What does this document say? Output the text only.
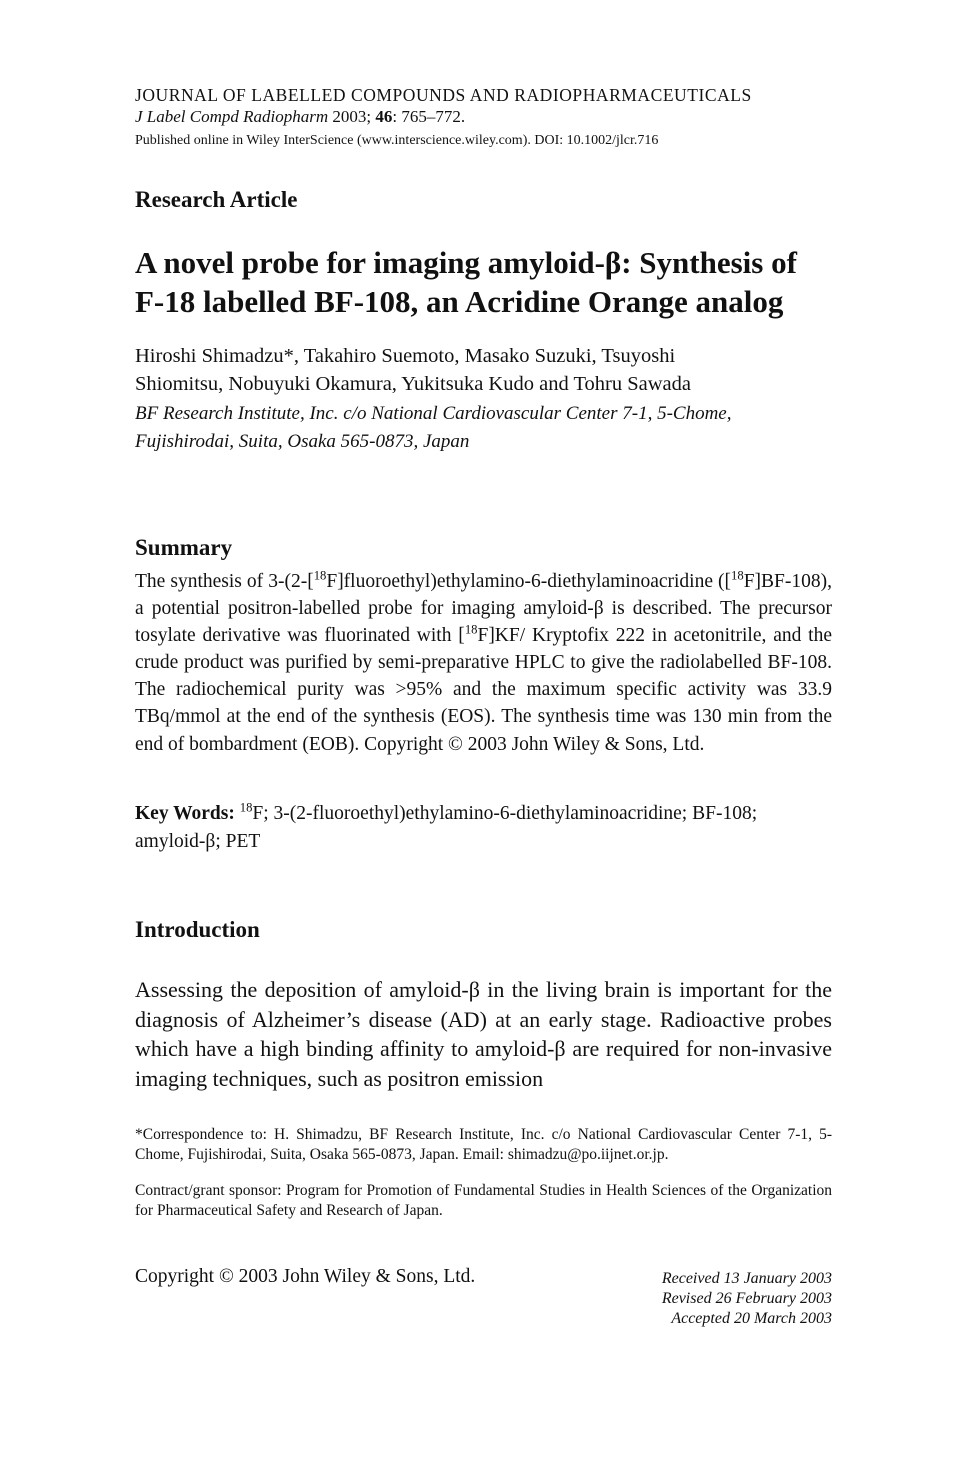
JOURNAL OF LABELLED COMPOUNDS AND RADIOPHARMACEUTICALS
J Label Compd Radiopharm 2003; 46: 765–772.
Published online in Wiley InterScience (www.interscience.wiley.com). DOI: 10.1002/jlcr.716
Research Article
A novel probe for imaging amyloid-β: Synthesis of
F-18 labelled BF-108, an Acridine Orange analog
Hiroshi Shimadzu*, Takahiro Suemoto, Masako Suzuki, Tsuyoshi
Shiomitsu, Nobuyuki Okamura, Yukitsuka Kudo and Tohru Sawada
BF Research Institute, Inc. c/o National Cardiovascular Center 7-1, 5-Chome,
Fujishirodai, Suita, Osaka 565-0873, Japan
Summary
The synthesis of 3-(2-[$^{18}$F]fluoroethyl)ethylamino-6-diethylaminoacridine ([$^{18}$F]BF-108), a potential positron-labelled probe for imaging amyloid-β is described. The precursor tosylate derivative was fluorinated with [$^{18}$F]KF/ Kryptofix 222 in acetonitrile, and the crude product was purified by semi-preparative HPLC to give the radiolabelled BF-108. The radiochemical purity was >95% and the maximum specific activity was 33.9 TBq/mmol at the end of the synthesis (EOS). The synthesis time was 130 min from the end of bombardment (EOB). Copyright © 2003 John Wiley & Sons, Ltd.
Key Words: $^{18}$F; 3-(2-fluoroethyl)ethylamino-6-diethylaminoacridine; BF-108; amyloid-β; PET
Introduction
Assessing the deposition of amyloid-β in the living brain is important for the diagnosis of Alzheimer’s disease (AD) at an early stage. Radioactive probes which have a high binding affinity to amyloid-β are required for non-invasive imaging techniques, such as positron emission
*Correspondence to: H. Shimadzu, BF Research Institute, Inc. c/o National Cardiovascular Center 7-1, 5-Chome, Fujishirodai, Suita, Osaka 565-0873, Japan. Email: shimadzu@po.iijnet.or.jp.
Contract/grant sponsor: Program for Promotion of Fundamental Studies in Health Sciences of the Organization for Pharmaceutical Safety and Research of Japan.
Copyright © 2003 John Wiley & Sons, Ltd.	Received 13 January 2003
Revised 26 February 2003
Accepted 20 March 2003
